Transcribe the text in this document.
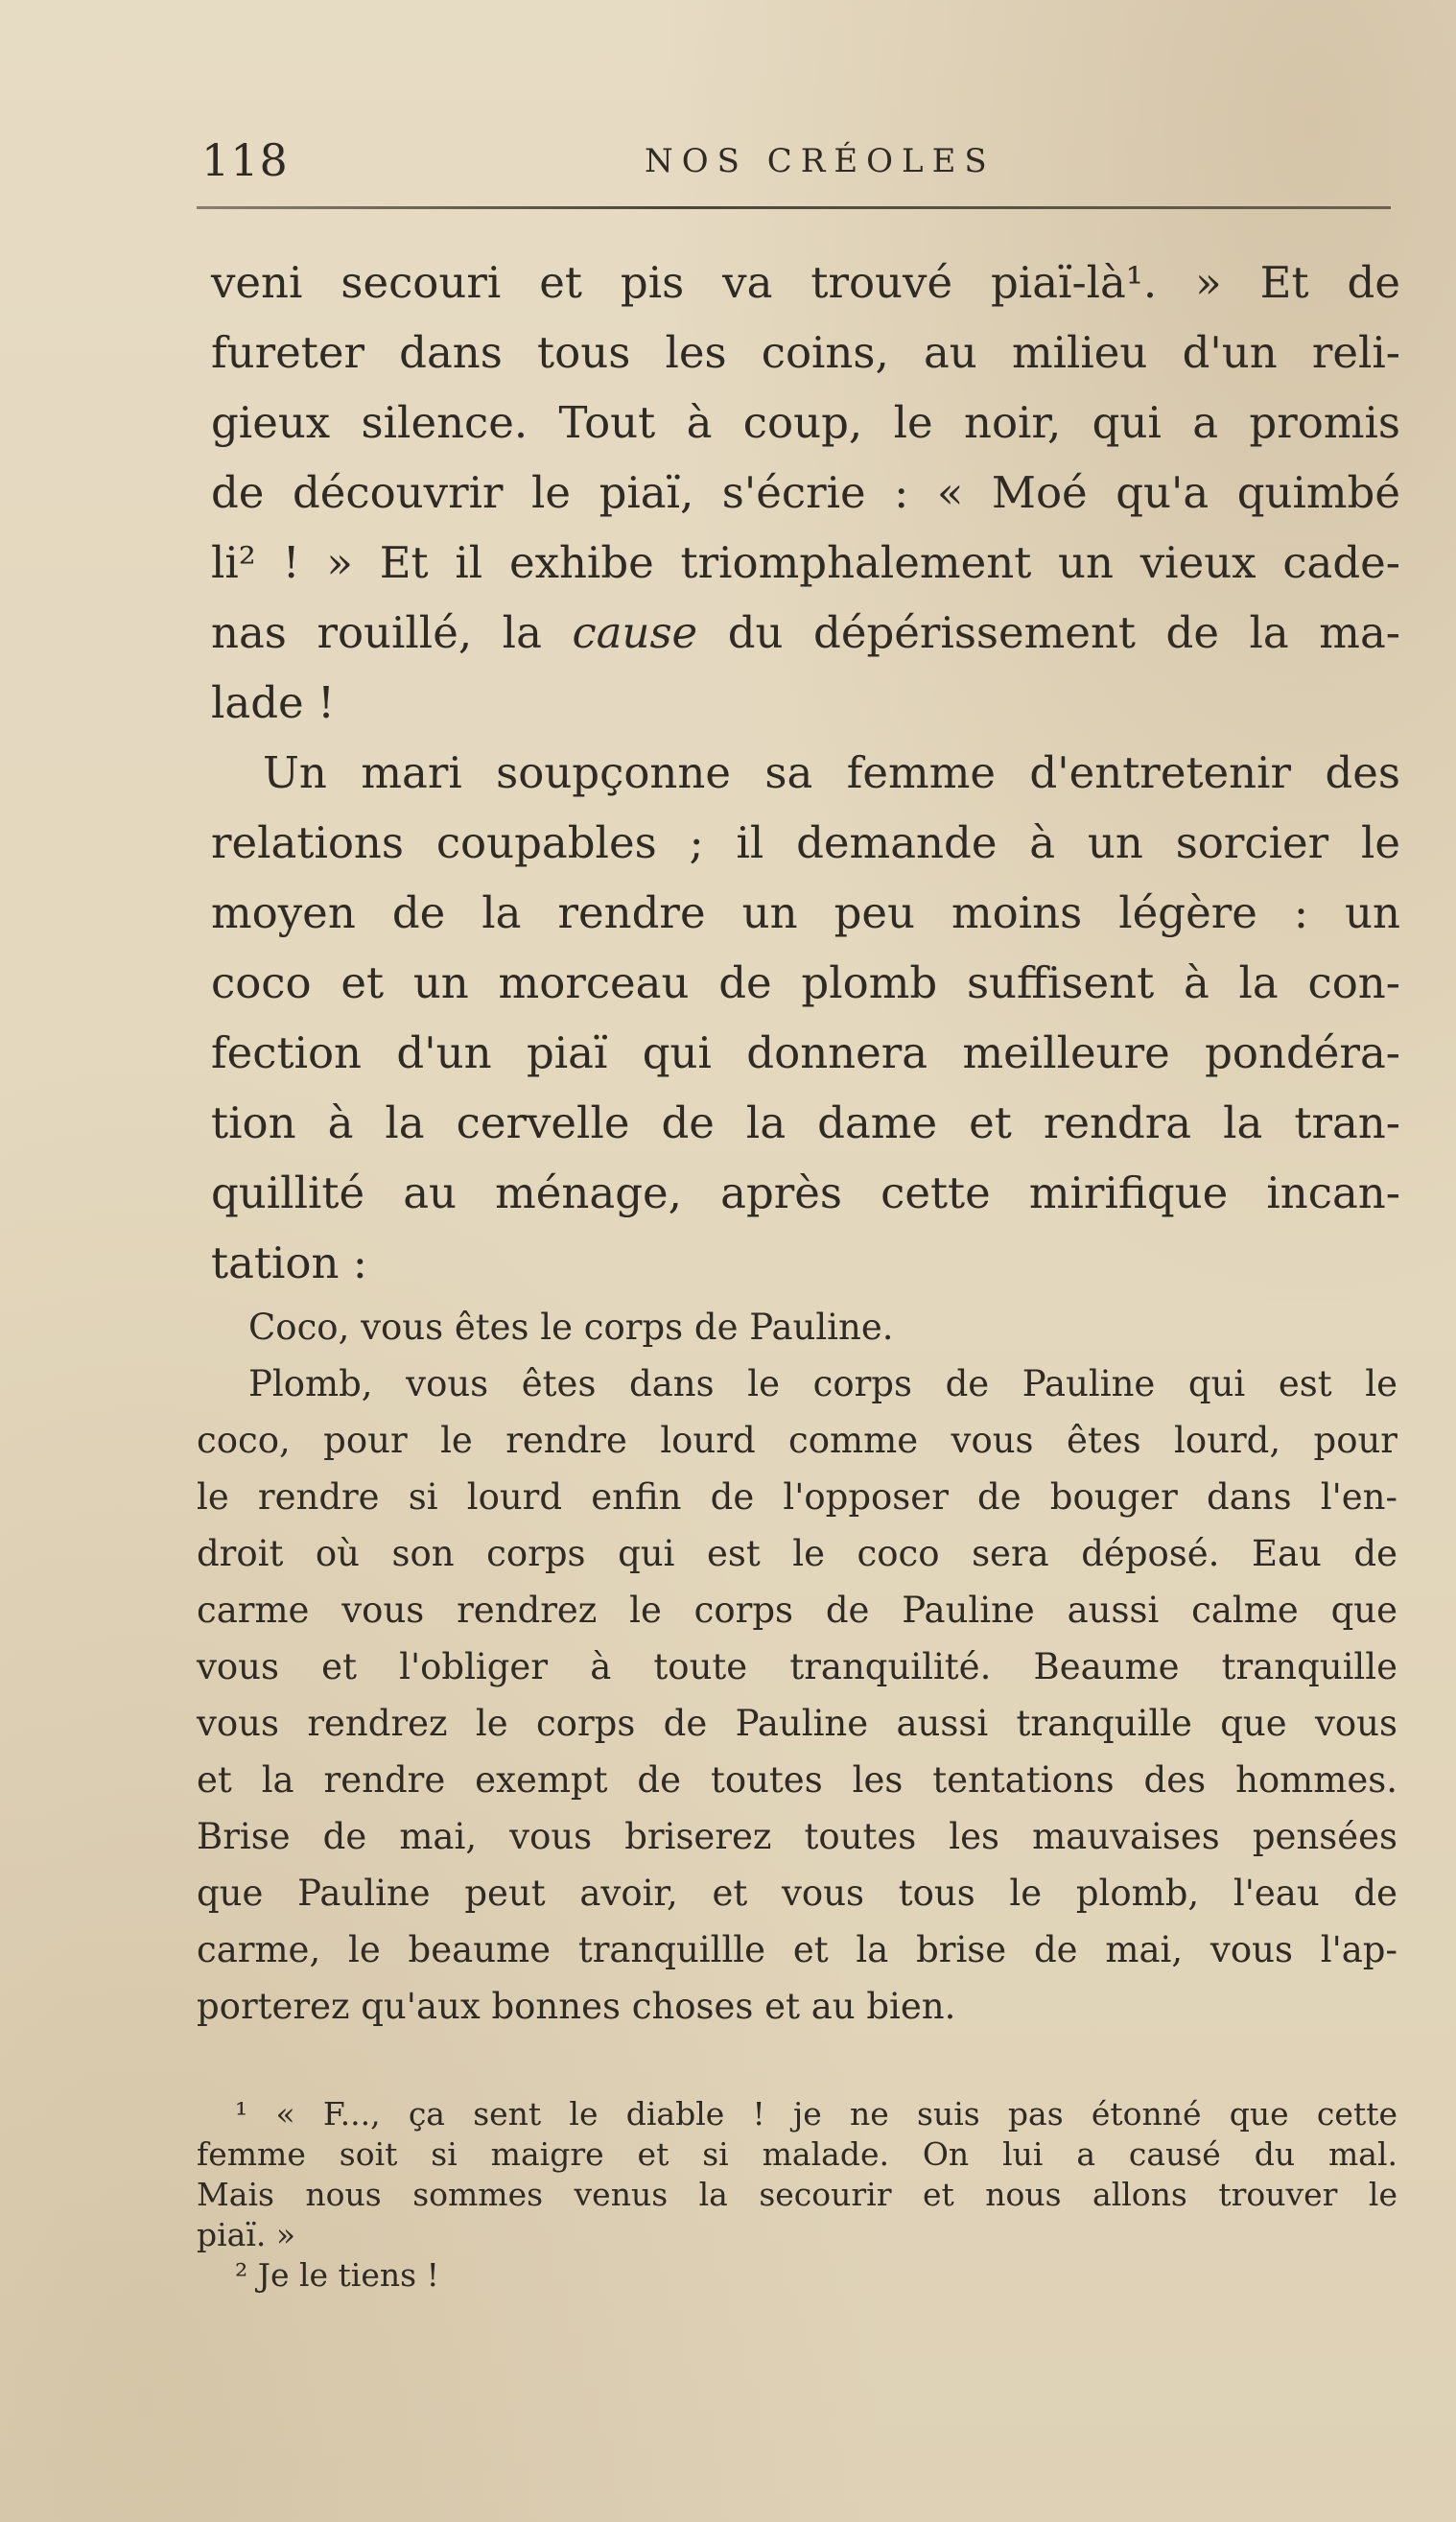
118	NOS CRÉOLES
veni secouri et pis va trouvé piaï-là¹. » Et de
fureter dans tous les coins, au milieu d'un reli-
gieux silence. Tout à coup, le noir, qui a promis
de découvrir le piaï, s'écrie : « Moé qu'a quimbé
li² ! » Et il exhibe triomphalement un vieux cade-
nas rouillé, la cause du dépérissement de la ma-
lade !
Un mari soupçonne sa femme d'entretenir des
relations coupables ; il demande à un sorcier le
moyen de la rendre un peu moins légère : un
coco et un morceau de plomb suffisent à la con-
fection d'un piaï qui donnera meilleure pondéra-
tion à la cervelle de la dame et rendra la tran-
quillité au ménage, après cette mirifique incan-
tation :
Coco, vous êtes le corps de Pauline.
Plomb, vous êtes dans le corps de Pauline qui est le
coco, pour le rendre lourd comme vous êtes lourd, pour
le rendre si lourd enfin de l'opposer de bouger dans l'en-
droit où son corps qui est le coco sera déposé. Eau de
carme vous rendrez le corps de Pauline aussi calme que
vous et l'obliger à toute tranquilité. Beaume tranquille
vous rendrez le corps de Pauline aussi tranquille que vous
et la rendre exempt de toutes les tentations des hommes.
Brise de mai, vous briserez toutes les mauvaises pensées
que Pauline peut avoir, et vous tous le plomb, l'eau de
carme, le beaume tranquillle et la brise de mai, vous l'ap-
porterez qu'aux bonnes choses et au bien.
¹ « F..., ça sent le diable ! je ne suis pas étonné que cette
femme soit si maigre et si malade. On lui a causé du mal.
Mais nous sommes venus la secourir et nous allons trouver le
piaï. »
² Je le tiens !
